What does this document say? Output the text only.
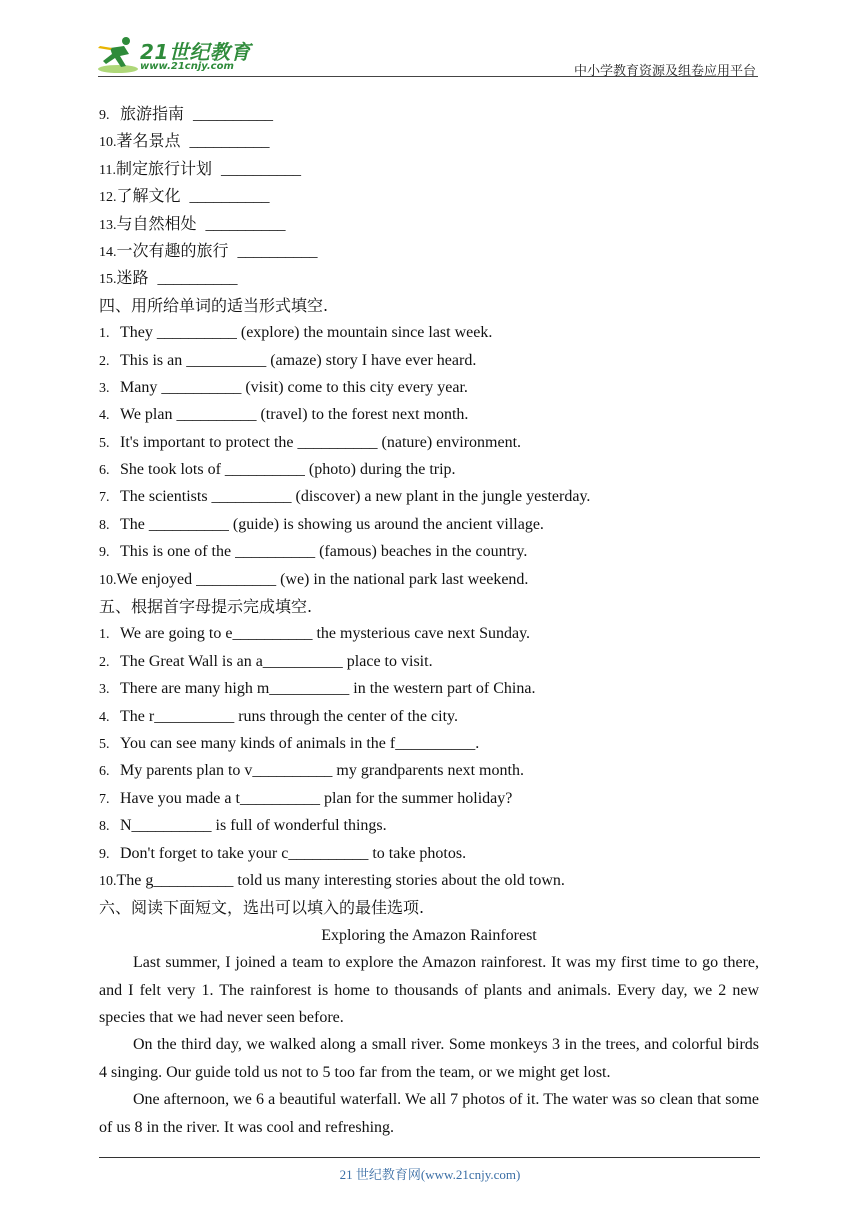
21世纪教育
www.21cnjy.com	中小学教育资源及组卷应用平台
9. 旅游指南 __________
10.著名景点 __________
11.制定旅行计划 __________
12.了解文化 __________
13.与自然相处 __________
14.一次有趣的旅行 __________
15.迷路 __________
四、用所给单词的适当形式填空.
1. They __________ (explore) the mountain since last week.
2. This is an __________ (amaze) story I have ever heard.
3. Many __________ (visit) come to this city every year.
4. We plan __________ (travel) to the forest next month.
5. It's important to protect the __________ (nature) environment.
6. She took lots of __________ (photo) during the trip.
7. The scientists __________ (discover) a new plant in the jungle yesterday.
8. The __________ (guide) is showing us around the ancient village.
9. This is one of the __________ (famous) beaches in the country.
10.We enjoyed __________ (we) in the national park last weekend.
五、根据首字母提示完成填空.
1. We are going to e__________ the mysterious cave next Sunday.
2. The Great Wall is an a__________ place to visit.
3. There are many high m__________ in the western part of China.
4. The r__________ runs through the center of the city.
5. You can see many kinds of animals in the f__________.
6. My parents plan to v__________ my grandparents next month.
7. Have you made a t__________ plan for the summer holiday?
8. N__________ is full of wonderful things.
9. Don't forget to take your c__________ to take photos.
10.The g__________ told us many interesting stories about the old town.
六、阅读下面短文，选出可以填入的最佳选项.
Exploring the Amazon Rainforest
Last summer, I joined a team to explore the Amazon rainforest. It was my first time to go there, and I felt very 1. The rainforest is home to thousands of plants and animals. Every day, we 2 new species that we had never seen before.
On the third day, we walked along a small river. Some monkeys 3 in the trees, and colorful birds 4 singing. Our guide told us not to 5 too far from the team, or we might get lost.
One afternoon, we 6 a beautiful waterfall. We all 7 photos of it. The water was so clean that some of us 8 in the river. It was cool and refreshing.
21 世纪教育网(www.21cnjy.com)
